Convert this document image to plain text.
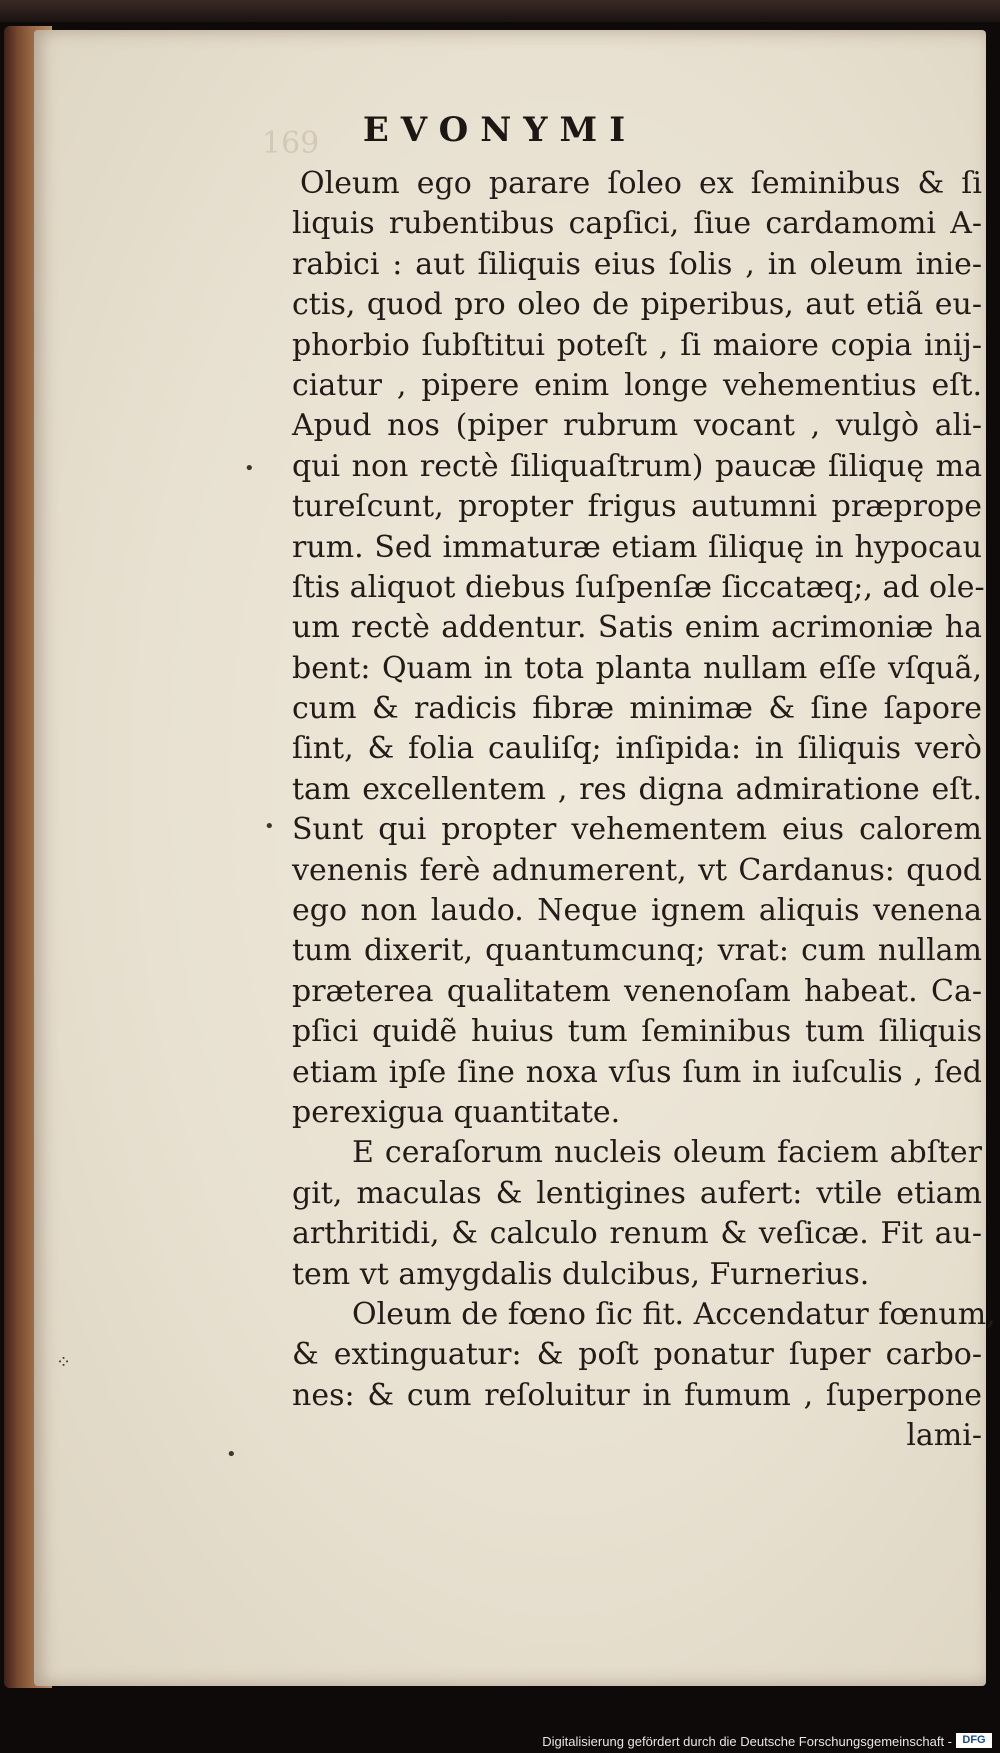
169	EVONYMI
Oleum ego parare ſoleo ex ſeminibus & ſi
liquis rubentibus capſici, ſiue cardamomi A-
rabici : aut ſiliquis eius ſolis , in oleum inie-
ctis, quod pro oleo de piperibus, aut etiã eu-
phorbio ſubſtitui poteſt , ſi maiore copia inij-
ciatur , pipere enim longe vehementius eſt.
Apud nos (piper rubrum vocant , vulgò ali-
qui non rectè ſiliquaſtrum) paucæ ſiliquę ma
tureſcunt, propter frigus autumni præprope
rum. Sed immaturæ etiam ſiliquę in hypocau
ſtis aliquot diebus ſuſpenſæ ſiccatæq;, ad ole-
um rectè addentur. Satis enim acrimoniæ ha
bent: Quam in tota planta nullam eſſe vſquã,
cum & radicis fibræ minimæ & ſine ſapore
ſint, & folia cauliſq; inſipida: in ſiliquis verò
tam excellentem , res digna admiratione eſt.
Sunt qui propter vehementem eius calorem
venenis ferè adnumerent, vt Cardanus: quod
ego non laudo. Neque ignem aliquis venena
tum dixerit, quantumcunq; vrat: cum nullam
præterea qualitatem venenoſam habeat. Ca-
pſici quidẽ huius tum ſeminibus tum ſiliquis
etiam ipſe ſine noxa vſus ſum in iuſculis , ſed
perexigua quantitate.
E ceraſorum nucleis oleum faciem abſter
git, maculas & lentigines aufert: vtile etiam
arthritidi, & calculo renum & veſicæ. Fit au-
tem vt amygdalis dulcibus, Furnerius.
Oleum de fœno ſic fit. Accendatur fœnum,
& extinguatur: & poſt ponatur ſuper carbo-
nes: & cum reſoluitur in fumum , ſuperpone
lami-
•
•
⁘
•
Digitalisierung gefördert durch die Deutsche Forschungsgemeinschaft - DFG
